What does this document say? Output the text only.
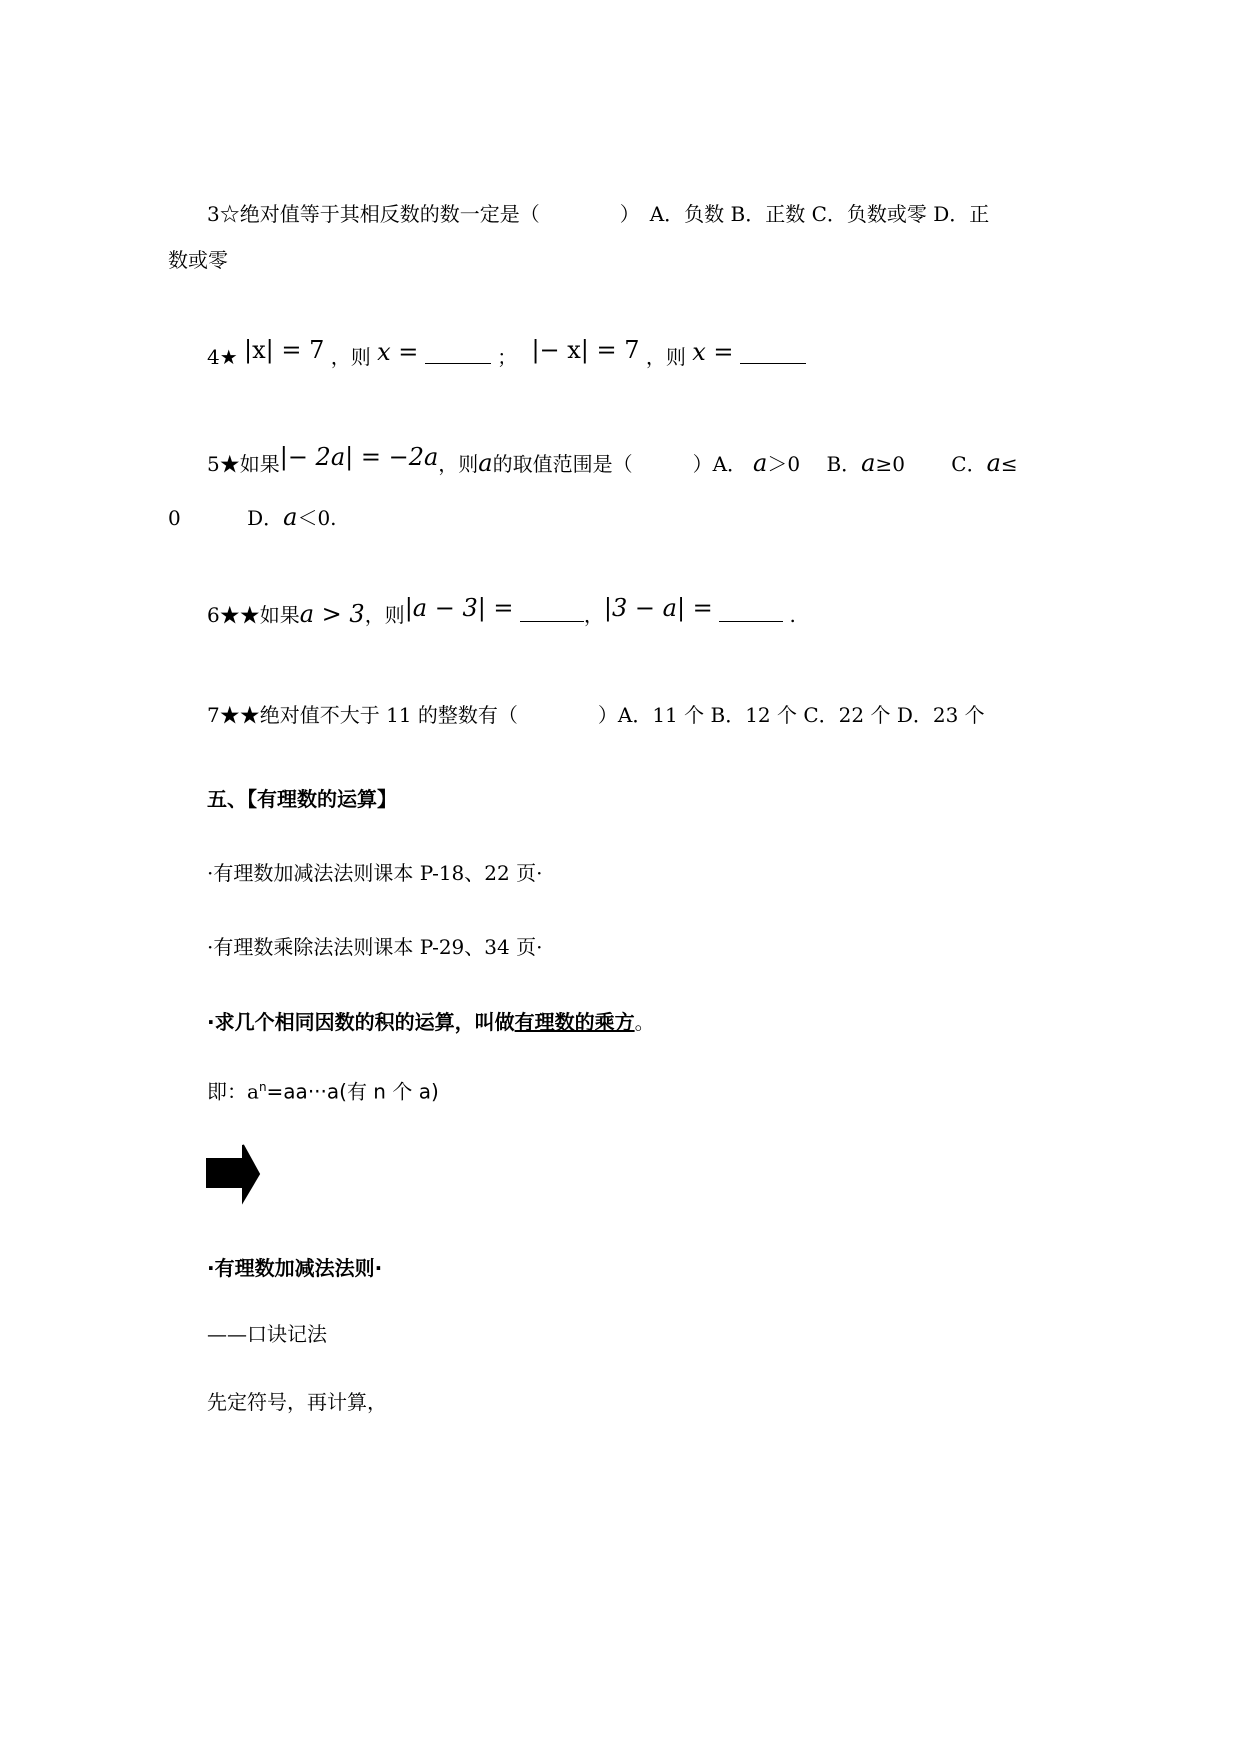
3☆绝对值等于其相反数的数一定是（　　　　）　A．负数 B．正数 C．负数或零 D．正
数或零
4★ |x| = 7 ，则 x =	； |− x| = 7 ，则 x =
5★如果|− 2a| = −2a，则a的取值范围是（　　　）A． a＞0　 B．a≥0　　 C．a≤
0	D．a＜0.
6★★如果a > 3，则|a − 3| =	，|3 − a| =	.
7★★绝对值不大于 11 的整数有（　　　　）A．11 个 B．12 个 C．22 个 D．23 个
五、【有理数的运算】
·有理数加减法法则课本 P-18、22 页·
·有理数乘除法法则课本 P-29、34 页·
·求几个相同因数的积的运算，叫做有理数的乘方。
即：$a^n=aa\cdot\cdot\cdot a$(有 n 个 a)
·有理数加减法法则·
——口诀记法
先定符号，再计算，
